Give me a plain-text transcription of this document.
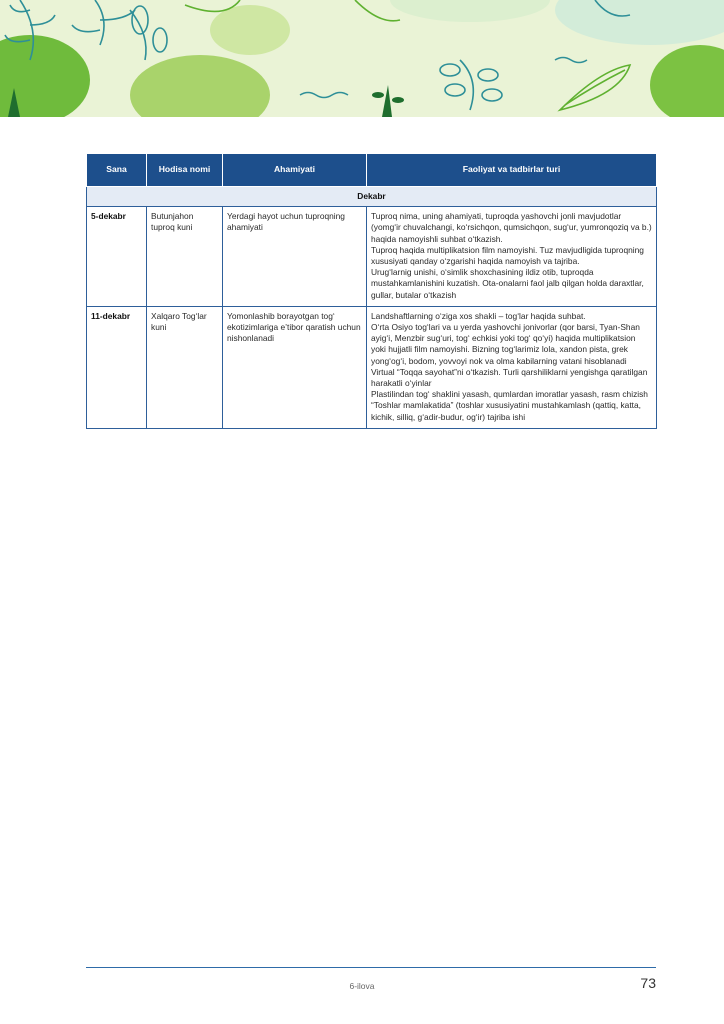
Sana	Hodisa nomi	Ahamiyati	Faoliyat va tadbirlar turi
Dekabr			
5-dekabr	Butunjahon tuproq kuni	Yerdagi hayot uchun tuproqning ahamiyati	Tuproq nima, uning ahamiyati, tuproqda yashovchi jonli mavjudotlar (yomg‘ir chuvalchangi, ko‘rsichqon, qumsichqon, sug‘ur, yumronqoziq va b.) haqida namoyishli suhbat o‘tkazish.
Tuproq haqida multiplikatsion film namoyishi. Tuz mavjudligida tuproqning xususiyati qanday o‘zgarishi haqida namoyish va tajriba.
Urug‘larnig unishi, o‘simlik shoxchasining ildiz otib, tuproqda mustahkamlanishini kuzatish. Ota-onalarni faol jalb qilgan holda daraxtlar, gullar, butalar o‘tkazish

11-dekabr	Xalqaro Tog‘lar kuni	Yomonlashib borayotgan tog‘ ekotizimlariga e’tibor qaratish uchun nishonlanadi	Landshaftlarning o‘ziga xos shakli – tog‘lar haqida suhbat.
O‘rta Osiyo tog‘lari va u yerda yashovchi jonivorlar (qor barsi, Tyan-Shan ayig‘i, Menzbir sug‘uri, tog‘ echkisi yoki tog‘ qo‘yi) haqida multiplikatsion yoki hujjatli film namoyishi. Bizning tog‘larimiz lola, xandon pista, grek yong‘og‘i, bodom, yovvoyi nok va olma kabilarning vatani hisoblanadi
Virtual “Toqqa sayohat”ni o‘tkazish. Turli qarshiliklarni yengishga qaratilgan harakatli o‘yinlar
Plastilindan tog‘ shaklini yasash, qumlardan imoratlar yasash, rasm chizish
“Toshlar mamlakatida” (toshlar xususiyatini mustahkamlash (qattiq, katta, kichik, silliq, g‘adir-budur, og‘ir) tajriba ishi
6-ilova	73
